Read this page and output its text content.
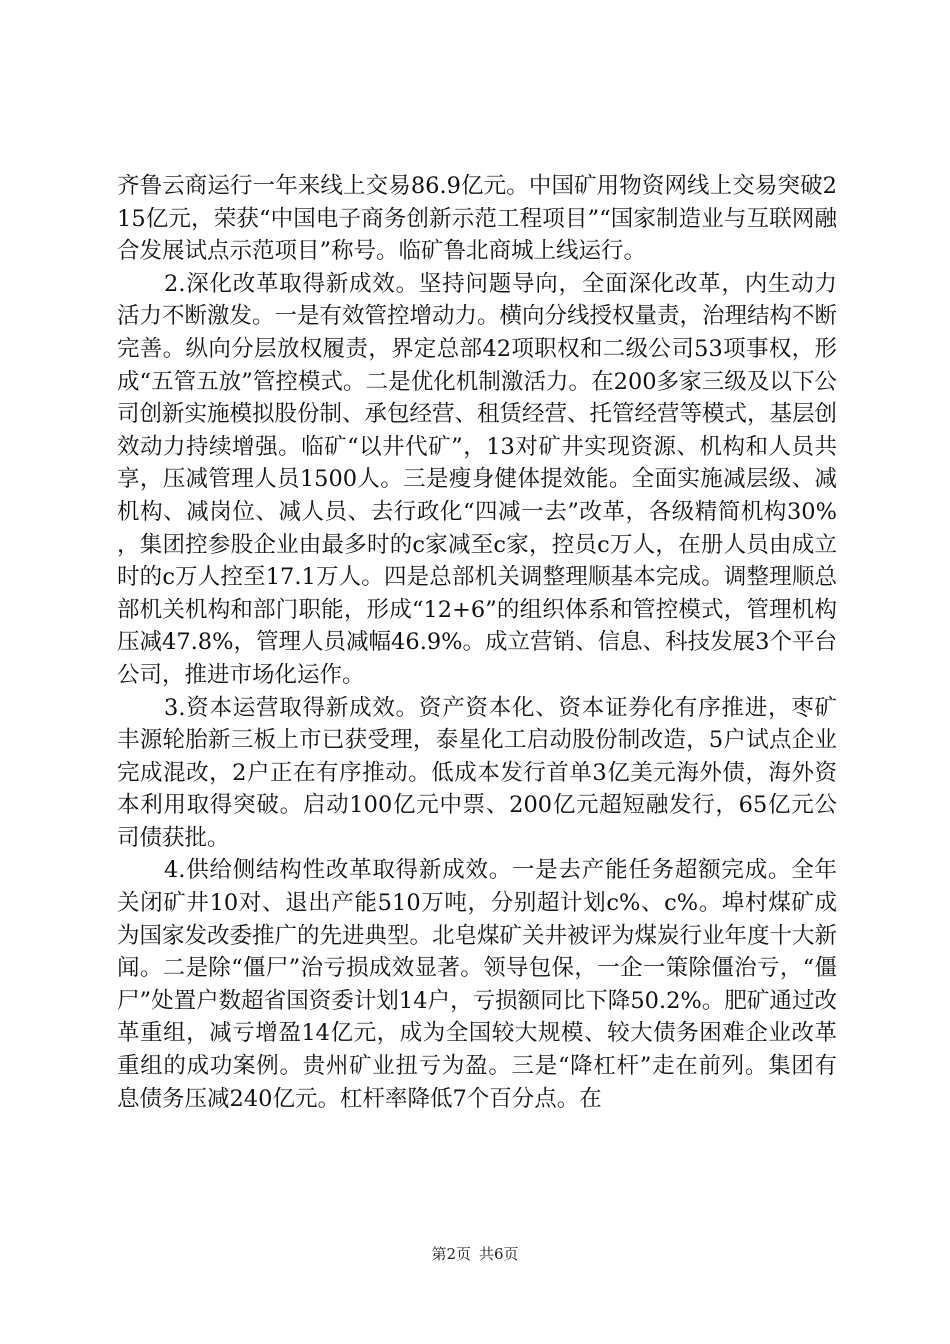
齐鲁云商运行一年来线上交易86.9亿元。中国矿用物资网线上交易突破215亿元，荣获“中国电子商务创新示范工程项目”“国家制造业与互联网融合发展试点示范项目”称号。临矿鲁北商城上线运行。

2.深化改革取得新成效。坚持问题导向，全面深化改革，内生动力活力不断激发。一是有效管控增动力。横向分线授权量责，治理结构不断完善。纵向分层放权履责，界定总部42项职权和二级公司53项事权，形成“五管五放”管控模式。二是优化机制激活力。在200多家三级及以下公司创新实施模拟股份制、承包经营、租赁经营、托管经营等模式，基层创效动力持续增强。临矿“以井代矿”，13对矿井实现资源、机构和人员共享，压减管理人员1500人。三是瘦身健体提效能。全面实施减层级、减机构、减岗位、减人员、去行政化“四减一去”改革，各级精简机构30%，集团控参股企业由最多时的c家减至c家，控员c万人，在册人员由成立时的c万人控至17.1万人。四是总部机关调整理顺基本完成。调整理顺总部机关机构和部门职能，形成“12+6”的组织体系和管控模式，管理机构压减47.8%，管理人员减幅46.9%。成立营销、信息、科技发展3个平台公司，推进市场化运作。

3.资本运营取得新成效。资产资本化、资本证券化有序推进，枣矿丰源轮胎新三板上市已获受理，泰星化工启动股份制改造，5户试点企业完成混改，2户正在有序推动。低成本发行首单3亿美元海外债，海外资本利用取得突破。启动100亿元中票、200亿元超短融发行，65亿元公司债获批。

4.供给侧结构性改革取得新成效。一是去产能任务超额完成。全年关闭矿井10对、退出产能510万吨，分别超计划c%、c%。埠村煤矿成为国家发改委推广的先进典型。北皂煤矿关井被评为煤炭行业年度十大新闻。二是除“僵尸”治亏损成效显著。领导包保，一企一策除僵治亏，“僵尸”处置户数超省国资委计划14户，亏损额同比下降50.2%。肥矿通过改革重组，减亏增盈14亿元，成为全国较大规模、较大债务困难企业改革重组的成功案例。贵州矿业扭亏为盈。三是“降杠杆”走在前列。集团有息债务压减240亿元。杠杆率降低7个百分点。在

第2页 共6页
